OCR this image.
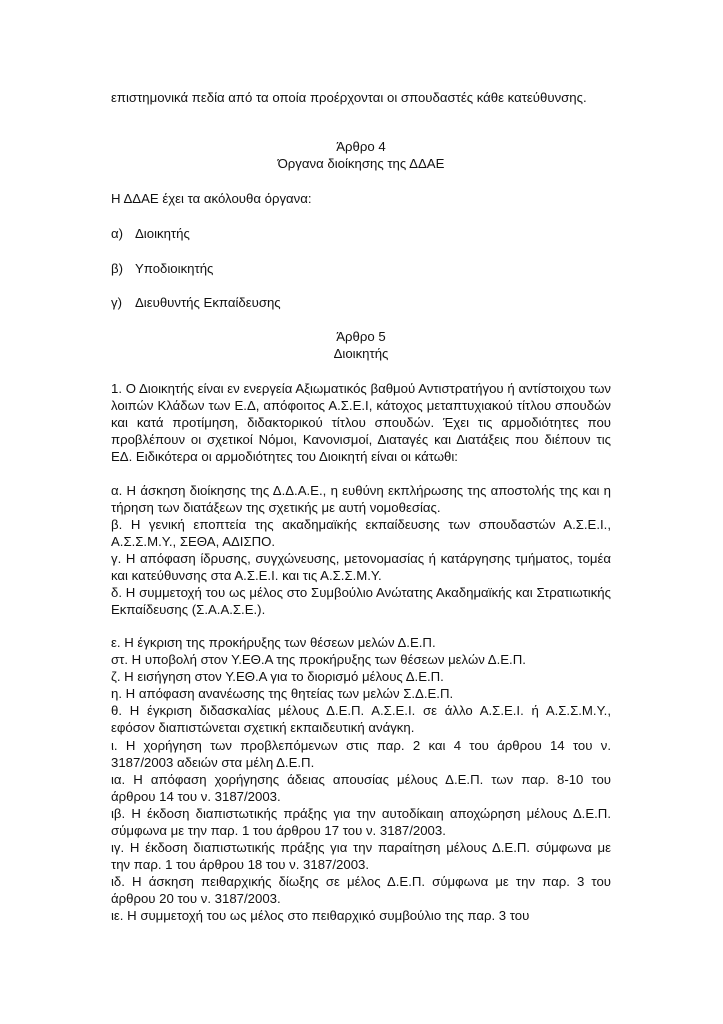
επιστημονικά πεδία από τα οποία προέρχονται οι σπουδαστές κάθε κατεύθυνσης.

Άρθρο 4

Όργανα διοίκησης της ΔΔΑΕ

Η ΔΔΑΕ έχει τα ακόλουθα όργανα:

α) Διοικητής

β) Υποδιοικητής

γ) Διευθυντής Εκπαίδευσης

Άρθρο 5

Διοικητής

1. Ο Διοικητής είναι εν ενεργεία Αξιωματικός βαθμού Αντιστρατήγου ή αντίστοιχου των λοιπών Κλάδων των Ε.Δ, απόφοιτος Α.Σ.Ε.Ι, κάτοχος μεταπτυχιακού τίτλου σπουδών και κατά προτίμηση, διδακτορικού τίτλου σπουδών. Έχει τις αρμοδιότητες που προβλέπουν οι σχετικοί Νόμοι, Κανονισμοί, Διαταγές και Διατάξεις που διέπουν τις ΕΔ. Ειδικότερα οι αρμοδιότητες του Διοικητή είναι οι κάτωθι:

α. Η άσκηση διοίκησης της Δ.Δ.Α.Ε., η ευθύνη εκπλήρωσης της αποστολής της και η τήρηση των διατάξεων της σχετικής με αυτή νομοθεσίας.

β. Η γενική εποπτεία της ακαδημαϊκής εκπαίδευσης των σπουδαστών Α.Σ.Ε.Ι., Α.Σ.Σ.Μ.Υ., ΣΕΘΑ, ΑΔΙΣΠΟ.

γ. Η απόφαση ίδρυσης, συγχώνευσης, μετονομασίας ή κατάργησης τμήματος, τομέα και κατεύθυνσης στα Α.Σ.Ε.Ι. και τις Α.Σ.Σ.Μ.Υ.

δ. Η συμμετοχή του ως μέλος στο Συμβούλιο Ανώτατης Ακαδημαϊκής και Στρατιωτικής Εκπαίδευσης (Σ.Α.Α.Σ.Ε.).

ε. Η έγκριση της προκήρυξης των θέσεων μελών Δ.Ε.Π.

στ. Η υποβολή στον Υ.ΕΘ.Α της προκήρυξης των θέσεων μελών Δ.Ε.Π.

ζ. Η εισήγηση στον Υ.ΕΘ.Α για το διορισμό μέλους Δ.Ε.Π.

η. Η απόφαση ανανέωσης της θητείας των μελών Σ.Δ.Ε.Π.

θ. Η έγκριση διδασκαλίας μέλους Δ.Ε.Π. Α.Σ.Ε.Ι. σε άλλο Α.Σ.Ε.Ι. ή Α.Σ.Σ.Μ.Υ., εφόσον διαπιστώνεται σχετική εκπαιδευτική ανάγκη.

ι. Η χορήγηση των προβλεπόμενων στις παρ. 2 και 4 του άρθρου 14 του ν. 3187/2003 αδειών στα μέλη Δ.Ε.Π.

ια. Η απόφαση χορήγησης άδειας απουσίας μέλους Δ.Ε.Π. των παρ. 8-10 του άρθρου 14 του ν. 3187/2003.

ιβ. Η έκδοση διαπιστωτικής πράξης για την αυτοδίκαιη αποχώρηση μέλους Δ.Ε.Π. σύμφωνα με την παρ. 1 του άρθρου 17 του ν. 3187/2003.

ιγ. Η έκδοση διαπιστωτικής πράξης για την παραίτηση μέλους Δ.Ε.Π. σύμφωνα με την παρ. 1 του άρθρου 18 του ν. 3187/2003.

ιδ. Η άσκηση πειθαρχικής δίωξης σε μέλος Δ.Ε.Π. σύμφωνα με την παρ. 3 του άρθρου 20 του ν. 3187/2003.

ιε. Η συμμετοχή του ως μέλος στο πειθαρχικό συμβούλιο της παρ. 3 του
